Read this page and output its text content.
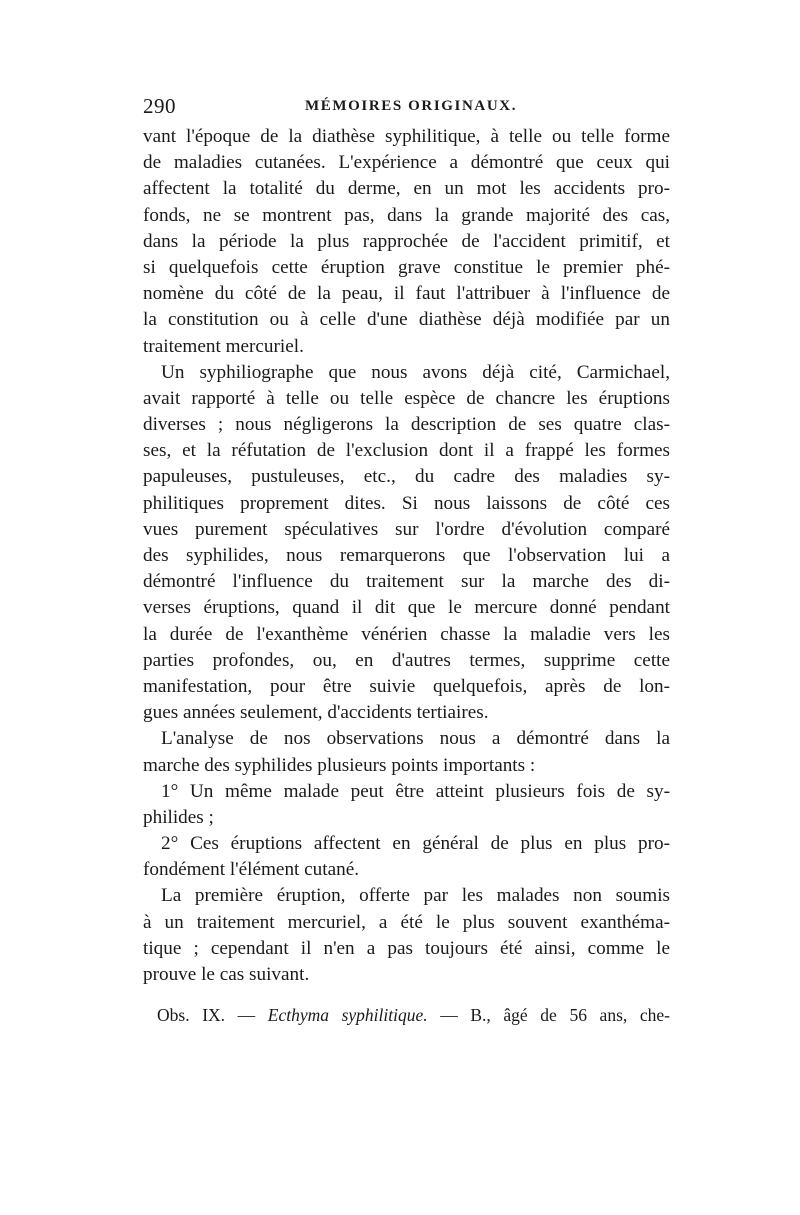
290	MÉMOIRES ORIGINAUX.
vant l'époque de la diathèse syphilitique, à telle ou telle forme
de maladies cutanées. L'expérience a démontré que ceux qui
affectent la totalité du derme, en un mot les accidents pro-
fonds, ne se montrent pas, dans la grande majorité des cas,
dans la période la plus rapprochée de l'accident primitif, et
si quelquefois cette éruption grave constitue le premier phé-
nomène du côté de la peau, il faut l'attribuer à l'influence de
la constitution ou à celle d'une diathèse déjà modifiée par un
traitement mercuriel.
Un syphiliographe que nous avons déjà cité, Carmichael,
avait rapporté à telle ou telle espèce de chancre les éruptions
diverses ; nous négligerons la description de ses quatre clas-
ses, et la réfutation de l'exclusion dont il a frappé les formes
papuleuses, pustuleuses, etc., du cadre des maladies sy-
philitiques proprement dites. Si nous laissons de côté ces
vues purement spéculatives sur l'ordre d'évolution comparé
des syphilides, nous remarquerons que l'observation lui a
démontré l'influence du traitement sur la marche des di-
verses éruptions, quand il dit que le mercure donné pendant
la durée de l'exanthème vénérien chasse la maladie vers les
parties profondes, ou, en d'autres termes, supprime cette
manifestation, pour être suivie quelquefois, après de lon-
gues années seulement, d'accidents tertiaires.
L'analyse de nos observations nous a démontré dans la
marche des syphilides plusieurs points importants :
1° Un même malade peut être atteint plusieurs fois de sy-
philides ;
2° Ces éruptions affectent en général de plus en plus pro-
fondément l'élément cutané.
La première éruption, offerte par les malades non soumis
à un traitement mercuriel, a été le plus souvent exanthéma-
tique ; cependant il n'en a pas toujours été ainsi, comme le
prouve le cas suivant.
Obs. IX. — Ecthyma syphilitique. — B., âgé de 56 ans, che-
